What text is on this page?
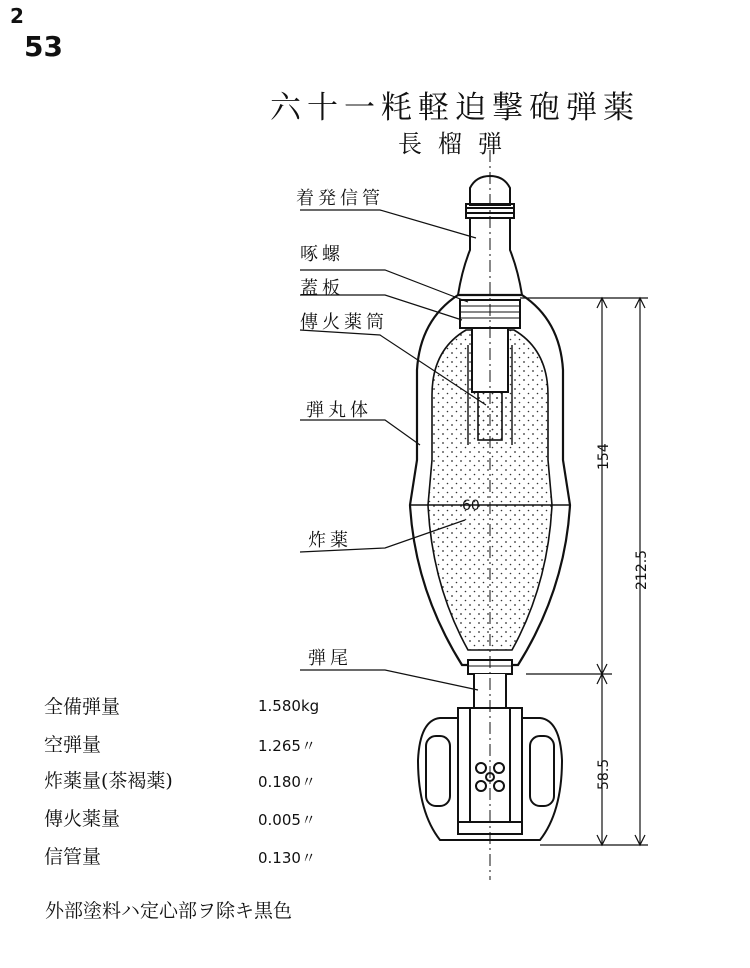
2
53
六十一粍軽迫撃砲弾薬
長榴弾
60
154
212.5
58.5
着発信管
啄螺
蓋板
傳火薬筒
弾丸体
炸薬
弾尾
全備弾量	1.580kg
空弾量	1.265〃
炸薬量(茶褐薬)	0.180〃
傳火薬量	0.005〃
信管量	0.130〃
外部塗料ハ定心部ヲ除キ黒色
